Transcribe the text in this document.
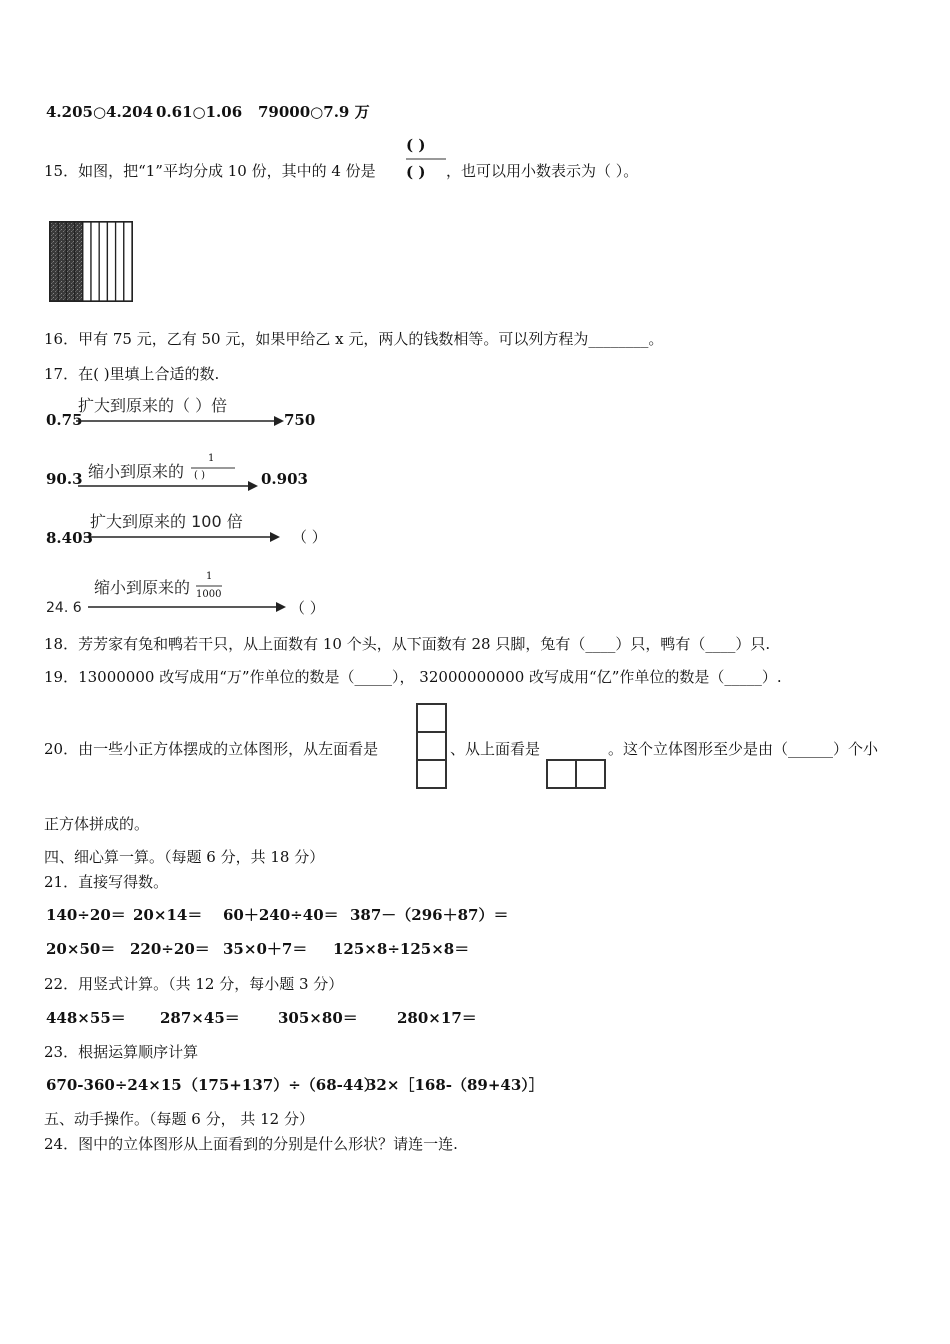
4.205○4.204 0.61○1.06 79000○7.9 万
( )
15．如图，把“1”平均分成 10 份，其中的 4 份是 ( ) ，也可以用小数表示为（ ）。
16．甲有 75 元，乙有 50 元，如果甲给乙 x 元，两人的钱数相等。可以列方程为________。
17．在( )里填上合适的数.
扩大到原来的（ ）倍
0.75	750
缩小到原来的
1
( )
90.3	0.903
扩大到原来的 100 倍
8.403	（ ）
缩小到原来的
1
1000
24. 6	（ ）
18．芳芳家有兔和鸭若干只，从上面数有 10 个头，从下面数有 28 只脚，兔有（____）只，鸭有（____）只.
19．13000000 改写成用“万”作单位的数是（_____）， 32000000000 改写成用“亿”作单位的数是（_____）.
20．由一些小正方体摆成的立体图形，从左面看是	、从上面看是	。这个立体图形至少是由（______）个小
正方体拼成的。
四、细心算一算。（每题 6 分，共 18 分）
21．直接写得数。
140÷20＝ 20×14＝ 60＋240÷40＝ 387－（296＋87）＝
20×50＝ 220÷20＝ 35×0＋7＝ 125×8÷125×8＝
22．用竖式计算。（共 12 分，每小题 3 分）
448×55＝ 287×45＝	305×80＝	280×17＝
23．根据运算顺序计算
670-360÷24×15 （175+137）÷（68-44）
32×［168-（89+43）］
五、动手操作。（每题 6 分， 共 12 分）
24．图中的立体图形从上面看到的分别是什么形状？请连一连.
